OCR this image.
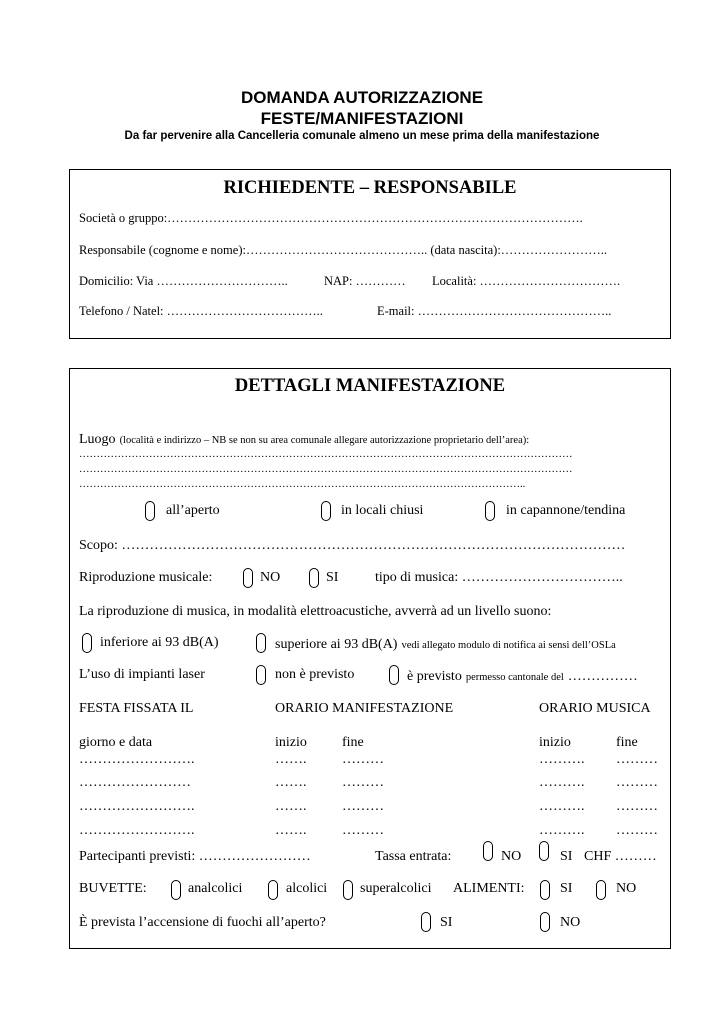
DOMANDA AUTORIZZAZIONE
FESTE/MANIFESTAZIONI
Da far pervenire alla Cancelleria comunale almeno un mese prima della manifestazione
RICHIEDENTE – RESPONSABILE
Società o gruppo:……………………………………………………………………………………….
Responsabile (cognome e nome):…………………………………….. (data nascita):……………………..
Domicilio: Via …………………………..	NAP: ………… Località: …………………………….
Telefono / Natel: ………………………………..	E-mail: ………………………………………..
DETTAGLI MANIFESTAZIONE
Luogo (località e indirizzo – NB se non su area comunale allegare autorizzazione proprietario dell’area):
……………………………………………………………………………………………………………………………
……………………………………………………………………………………………………………………………
………………………………………………………………………………………………………………..
all’aperto	in locali chiusi	in capannone/tendina
Scopo: ………………………………………………………………………………………………
Riproduzione musicale:	NO	SI	tipo di musica: ……………………………..
La riproduzione di musica, in modalità elettroacustiche, avverrà ad un livello suono:
inferiore ai 93 dB(A)	superiore ai 93 dB(A) vedi allegato modulo di notifica ai sensi dell’OSLa
L’uso di impianti laser	non è previsto	è previsto permesso cantonale del ……………
FESTA FISSATA IL	ORARIO MANIFESTAZIONE	ORARIO MUSICA
giorno e data	inizio	fine	inizio	fine
…………………….	…….	………	………. ………
……………………	…….	………	………. ………
…………………….	…….	………	………. ………
…………………….	…….	………	………. ………
Partecipanti previsti: ……………………	Tassa entrata:	NO	SI CHF ………
BUVETTE:	analcolici	alcolici superalcolici ALIMENTI:	SI	NO
È prevista l’accensione di fuochi all’aperto?	SI	NO
